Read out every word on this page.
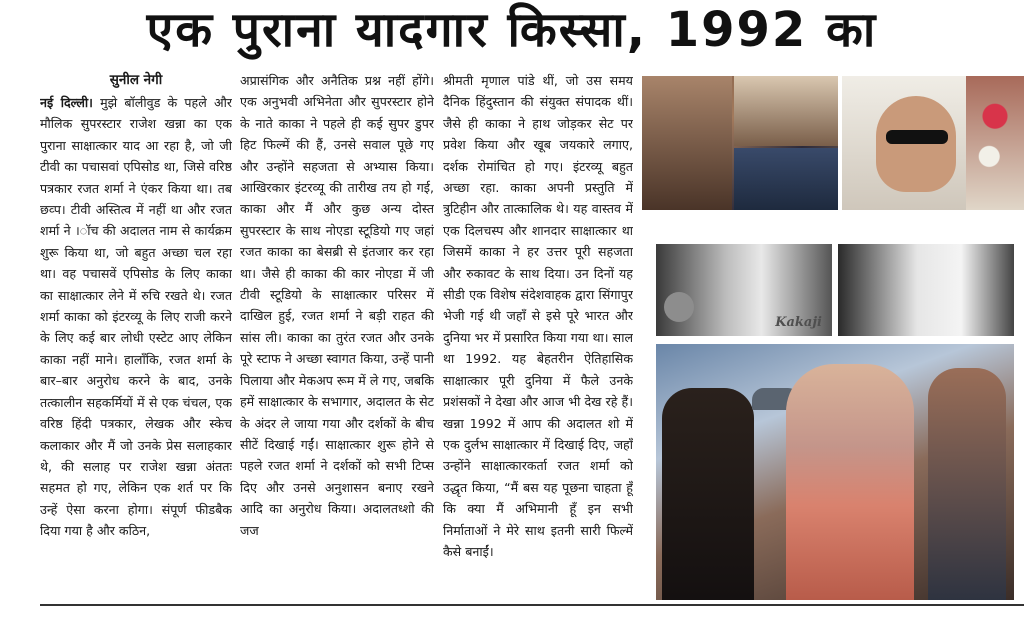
एक पुराना यादगार किस्सा, 1992 का
सुनील नेगी
नई दिल्ली। मुझे बॉलीवुड के पहले और मौलिक सुपरस्टार राजेश खन्ना का एक पुराना साक्षात्कार याद आ रहा है, जो जी टीवी का पचासवां एपिसोड था, जिसे वरिष्ठ पत्रकार रजत शर्मा ने एंकर किया था। तब छव्प। टीवी अस्तित्व में नहीं था और रजत शर्मा ने ।ॉच की अदालत नाम से कार्यक्रम शुरू किया था, जो बहुत अच्छा चल रहा था। वह पचासवें एपिसोड के लिए काका का साक्षात्कार लेने में रुचि रखते थे। रजत शर्मा काका को इंटरव्यू के लिए राजी करने के लिए कई बार लोधी एस्टेट आए लेकिन काका नहीं माने। हालाँकि, रजत शर्मा के बार–बार अनुरोध करने के बाद, उनके तत्कालीन सहकर्मियों में से एक चंचल, एक वरिष्ठ हिंदी पत्रकार, लेखक और स्केच कलाकार और मैं जो उनके प्रेस सलाहकार थे, की सलाह पर राजेश खन्ना अंततः सहमत हो गए, लेकिन एक शर्त पर कि उन्हें ऐसा करना होगा। संपूर्ण फीडबैक दिया गया है और कठिन,
अप्रासंगिक और अनैतिक प्रश्न नहीं होंगे। एक अनुभवी अभिनेता और सुपरस्टार होने के नाते काका ने पहले ही कई सुपर डुपर हिट फिल्में की हैं, उनसे सवाल पूछे गए और उन्होंने सहजता से अभ्यास किया। आखिरकार इंटरव्यू की तारीख तय हो गई, काका और मैं और कुछ अन्य दोस्त सुपरस्टार के साथ नोएडा स्टूडियो गए जहां रजत काका का बेसब्री से इंतजार कर रहा था। जैसे ही काका की कार नोएडा में जी टीवी स्टूडियो के साक्षात्कार परिसर में दाखिल हुई, रजत शर्मा ने बड़ी राहत की सांस ली। काका का तुरंत रजत और उनके पूरे स्टाफ ने अच्छा स्वागत किया, उन्हें पानी पिलाया और मेकअप रूम में ले गए, जबकि हमें साक्षात्कार के सभागार, अदालत के सेट के अंदर ले जाया गया और दर्शकों के बीच सीटें दिखाई गईं। साक्षात्कार शुरू होने से पहले रजत शर्मा ने दर्शकों को सभी टिप्स दिए और उनसे अनुशासन बनाए रखने आदि का अनुरोध किया। अदालतध्शो की जज
श्रीमती मृणाल पांडे थीं, जो उस समय दैनिक हिंदुस्तान की संयुक्त संपादक थीं। जैसे ही काका ने हाथ जोड़कर सेट पर प्रवेश किया और खूब जयकारे लगाए, दर्शक रोमांचित हो गए। इंटरव्यू बहुत अच्छा रहा. काका अपनी प्रस्तुति में त्रुटिहीन और तात्कालिक थे। यह वास्तव में एक दिलचस्प और शानदार साक्षात्कार था जिसमें काका ने हर उत्तर पूरी सहजता और रुकावट के साथ दिया। उन दिनों यह सीडी एक विशेष संदेशवाहक द्वारा सिंगापुर भेजी गई थी जहाँ से इसे पूरे भारत और दुनिया भर में प्रसारित किया गया था। साल था 1992. यह बेहतरीन ऐतिहासिक साक्षात्कार पूरी दुनिया में फैले उनके प्रशंसकों ने देखा और आज भी देख रहे हैं। खन्ना 1992 में आप की अदालत शो में एक दुर्लभ साक्षात्कार में दिखाई दिए, जहाँ उन्होंने साक्षात्कारकर्ता रजत शर्मा को उद्धृत किया, “मैं बस यह पूछना चाहता हूँ कि क्या मैं अभिमानी हूँ इन सभी निर्माताओं ने मेरे साथ इतनी सारी फिल्में कैसे बनाईं।
Kakaji
